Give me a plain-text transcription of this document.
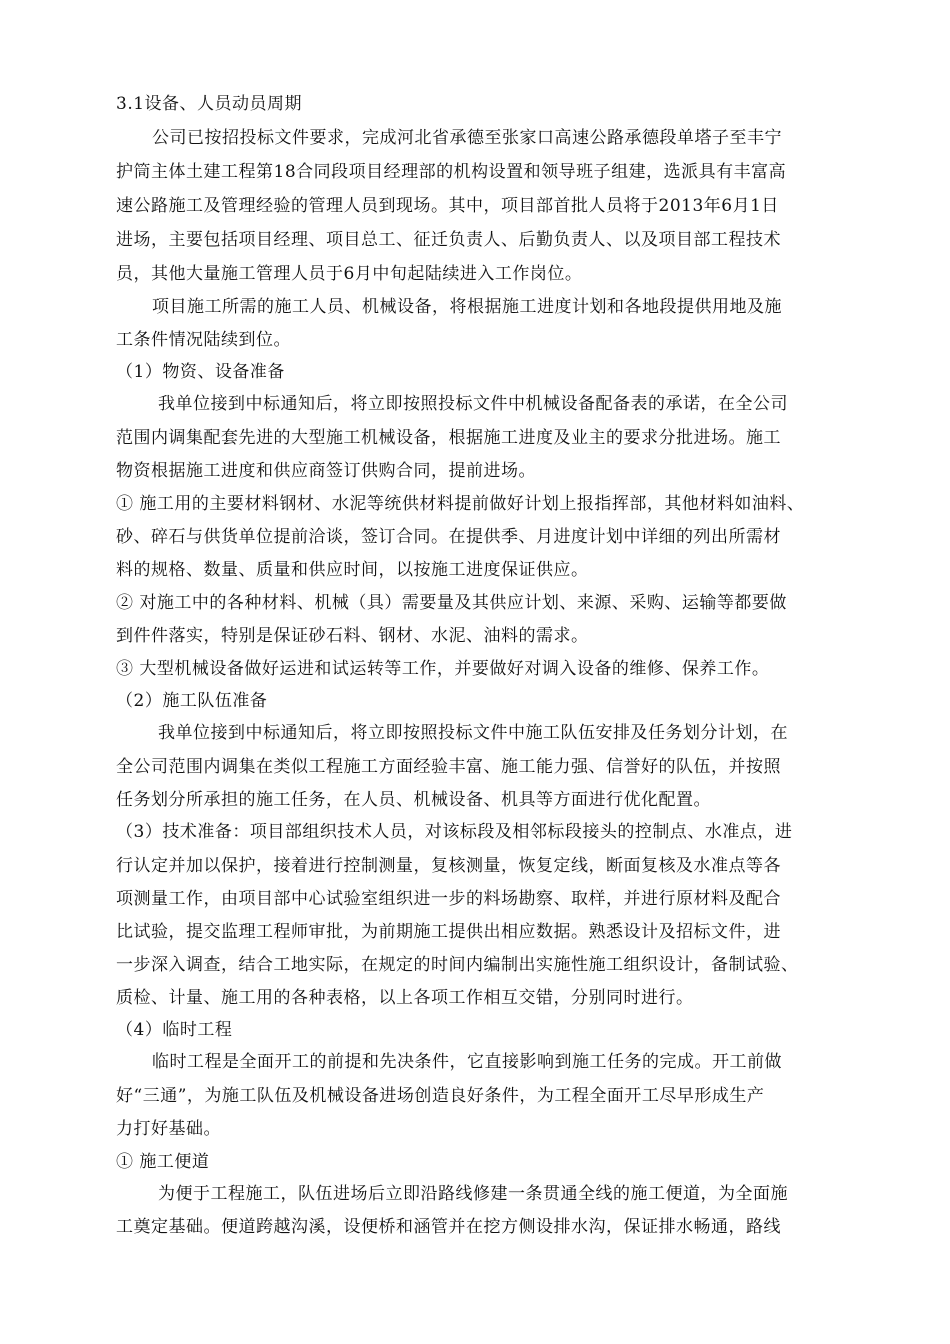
3.1设备、人员动员周期
公司已按招投标文件要求，完成河北省承德至张家口高速公路承德段单塔子至丰宁
护筒主体土建工程第18合同段项目经理部的机构设置和领导班子组建，选派具有丰富高
速公路施工及管理经验的管理人员到现场。其中，项目部首批人员将于2013年6月1日
进场，主要包括项目经理、项目总工、征迁负责人、后勤负责人、以及项目部工程技术
员，其他大量施工管理人员于6月中旬起陆续进入工作岗位。
项目施工所需的施工人员、机械设备，将根据施工进度计划和各地段提供用地及施
工条件情况陆续到位。
（1）物资、设备准备
我单位接到中标通知后，将立即按照投标文件中机械设备配备表的承诺，在全公司
范围内调集配套先进的大型施工机械设备，根据施工进度及业主的要求分批进场。施工
物资根据施工进度和供应商签订供购合同，提前进场。
① 施工用的主要材料钢材、水泥等统供材料提前做好计划上报指挥部，其他材料如油料、
砂、碎石与供货单位提前洽谈，签订合同。在提供季、月进度计划中详细的列出所需材
料的规格、数量、质量和供应时间，以按施工进度保证供应。
② 对施工中的各种材料、机械（具）需要量及其供应计划、来源、采购、运输等都要做
到件件落实，特别是保证砂石料、钢材、水泥、油料的需求。
③ 大型机械设备做好运进和试运转等工作，并要做好对调入设备的维修、保养工作。
（2）施工队伍准备
我单位接到中标通知后，将立即按照投标文件中施工队伍安排及任务划分计划，在
全公司范围内调集在类似工程施工方面经验丰富、施工能力强、信誉好的队伍，并按照
任务划分所承担的施工任务，在人员、机械设备、机具等方面进行优化配置。
（3）技术准备：项目部组织技术人员，对该标段及相邻标段接头的控制点、水准点，进
行认定并加以保护，接着进行控制测量，复核测量，恢复定线，断面复核及水准点等各
项测量工作，由项目部中心试验室组织进一步的料场勘察、取样，并进行原材料及配合
比试验，提交监理工程师审批，为前期施工提供出相应数据。熟悉设计及招标文件，进
一步深入调查，结合工地实际，在规定的时间内编制出实施性施工组织设计，备制试验、
质检、计量、施工用的各种表格，以上各项工作相互交错，分别同时进行。
（4）临时工程
临时工程是全面开工的前提和先决条件，它直接影响到施工任务的完成。开工前做
好“三通”，为施工队伍及机械设备进场创造良好条件，为工程全面开工尽早形成生产
力打好基础。
① 施工便道
为便于工程施工，队伍进场后立即沿路线修建一条贯通全线的施工便道，为全面施
工奠定基础。便道跨越沟溪，设便桥和涵管并在挖方侧设排水沟，保证排水畅通，路线
